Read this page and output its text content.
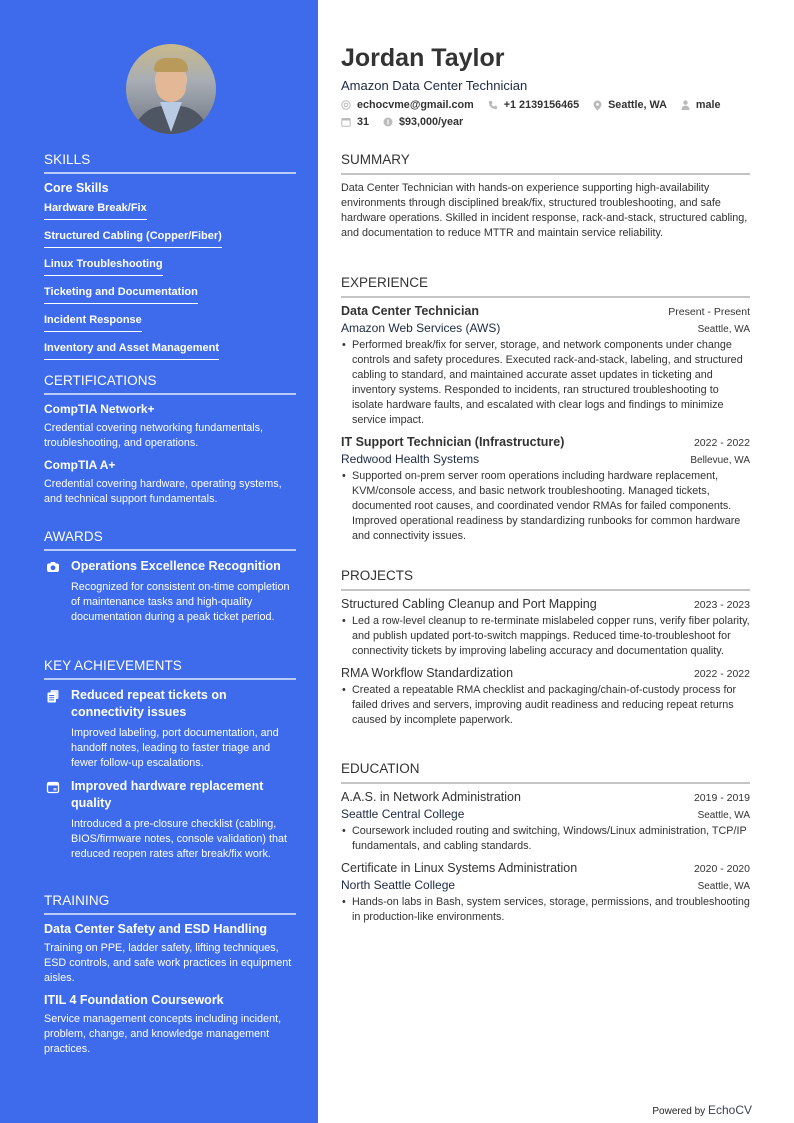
SKILLS
Core Skills
Hardware Break/Fix
Structured Cabling (Copper/Fiber)
Linux Troubleshooting
Ticketing and Documentation
Incident Response
Inventory and Asset Management
CERTIFICATIONS
CompTIA Network+
Credential covering networking fundamentals, troubleshooting, and operations.
CompTIA A+
Credential covering hardware, operating systems, and technical support fundamentals.
AWARDS
Operations Excellence Recognition
Recognized for consistent on-time completion of maintenance tasks and high-quality documentation during a peak ticket period.
KEY ACHIEVEMENTS
Reduced repeat tickets on connectivity issues
Improved labeling, port documentation, and handoff notes, leading to faster triage and fewer follow-up escalations.
Improved hardware replacement quality
Introduced a pre-closure checklist (cabling, BIOS/firmware notes, console validation) that reduced reopen rates after break/fix work.
TRAINING
Data Center Safety and ESD Handling
Training on PPE, ladder safety, lifting techniques, ESD controls, and safe work practices in equipment aisles.
ITIL 4 Foundation Coursework
Service management concepts including incident, problem, change, and knowledge management practices.
Jordan Taylor
Amazon Data Center Technician
echocvme@gmail.com	+1 2139156465	Seattle, WA	male
31	$93,000/year
SUMMARY
Data Center Technician with hands-on experience supporting high-availability environments through disciplined break/fix, structured troubleshooting, and safe hardware operations. Skilled in incident response, rack-and-stack, structured cabling, and documentation to reduce MTTR and maintain service reliability.
EXPERIENCE
Data Center Technician	Present - Present
Amazon Web Services (AWS)	Seattle, WA
• Performed break/fix for server, storage, and network components under change controls and safety procedures. Executed rack-and-stack, labeling, and structured cabling to standard, and maintained accurate asset updates in ticketing and inventory systems. Responded to incidents, ran structured troubleshooting to isolate hardware faults, and escalated with clear logs and findings to minimize service impact.
IT Support Technician (Infrastructure)	2022 - 2022
Redwood Health Systems	Bellevue, WA
• Supported on-prem server room operations including hardware replacement, KVM/console access, and basic network troubleshooting. Managed tickets, documented root causes, and coordinated vendor RMAs for failed components. Improved operational readiness by standardizing runbooks for common hardware and connectivity issues.
PROJECTS
Structured Cabling Cleanup and Port Mapping	2023 - 2023
• Led a row-level cleanup to re-terminate mislabeled copper runs, verify fiber polarity, and publish updated port-to-switch mappings. Reduced time-to-troubleshoot for connectivity tickets by improving labeling accuracy and documentation quality.
RMA Workflow Standardization	2022 - 2022
• Created a repeatable RMA checklist and packaging/chain-of-custody process for failed drives and servers, improving audit readiness and reducing repeat returns caused by incomplete paperwork.
EDUCATION
A.A.S. in Network Administration	2019 - 2019
Seattle Central College	Seattle, WA
• Coursework included routing and switching, Windows/Linux administration, TCP/IP fundamentals, and cabling standards.
Certificate in Linux Systems Administration	2020 - 2020
North Seattle College	Seattle, WA
• Hands-on labs in Bash, system services, storage, permissions, and troubleshooting in production-like environments.
Powered by EchoCV
